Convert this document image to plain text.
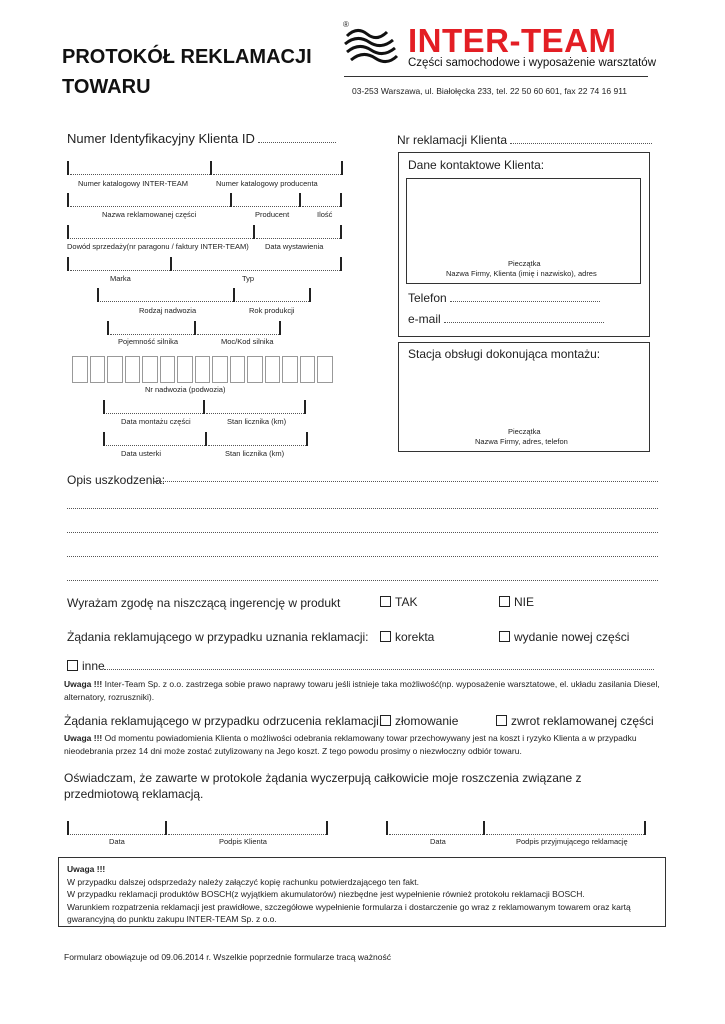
PROTOKÓŁ REKLAMACJI
TOWARU
® INTER-TEAM
Części samochodowe i wyposażenie warsztatów
03-253 Warszawa, ul. Białołęcka 233, tel. 22 50 60 601, fax 22 74 16 911
Numer Identyfikacyjny Klienta ID	Nr reklamacji Klienta
Numer katalogowy INTER-TEAM	Numer katalogowy producenta
Nazwa reklamowanej części	Producent	Ilość
Dowód sprzedaży(nr paragonu / faktury INTER-TEAM) Data wystawienia
Marka	Typ
Rodzaj nadwozia	Rok produkcji
Pojemność silnika	Moc/Kod silnika
Nr nadwozia (podwozia)
Data montażu części	Stan licznika (km)
Data usterki	Stan licznika (km)
Dane kontaktowe Klienta:
Pieczątka
Nazwa Firmy, Klienta (imię i nazwisko), adres
Telefon
e-mail
Stacja obsługi dokonująca montażu:
Pieczątka
Nazwa Firmy, adres, telefon
Opis uszkodzenia:
Wyrażam zgodę na niszczącą ingerencję w produkt	TAK	NIE
Żądania reklamującego w przypadku uznania reklamacji:	korekta	wydanie nowej części
inne
Uwaga !!! Inter-Team Sp. z o.o. zastrzega sobie prawo naprawy towaru jeśli istnieje taka możliwość(np. wyposażenie warsztatowe, el. układu zasilania Diesel, alternatory, rozruszniki).
Żądania reklamującego w przypadku odrzucenia reklamacji:	złomowanie	zwrot reklamowanej części
Uwaga !!! Od momentu powiadomienia Klienta o możliwości odebrania reklamowany towar przechowywany jest na koszt i ryzyko Klienta a w przypadku nieodebrania przez 14 dni może zostać zutylizowany na Jego koszt. Z tego powodu prosimy o niezwłoczny odbiór towaru.
Oświadczam, że zawarte w protokole żądania wyczerpują całkowicie moje roszczenia związane z przedmiotową reklamacją.
Data	Podpis Klienta	Data	Podpis przyjmującego reklamację
Uwaga !!!
W przypadku dalszej odsprzedaży należy załączyć kopię rachunku potwierdzającego ten fakt.
W przypadku reklamacji produktów BOSCH(z wyjątkiem akumulatorów) niezbędne jest wypełnienie również protokołu reklamacji BOSCH.
Warunkiem rozpatrzenia reklamacji jest prawidłowe, szczegółowe wypełnienie formularza i dostarczenie go wraz z reklamowanym towarem oraz kartą gwarancyjną do punktu zakupu INTER-TEAM Sp. z o.o.
Formularz obowiązuje od 09.06.2014 r. Wszelkie poprzednie formularze tracą ważność
